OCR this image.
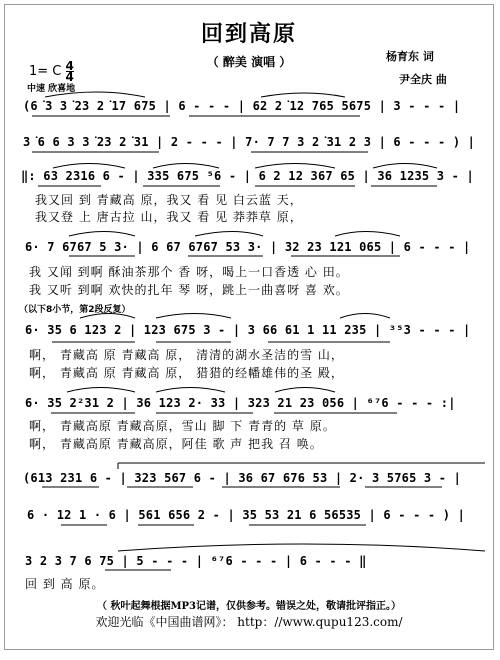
回到高原
（ 醉美 演唱 ）	杨育东 词
尹全庆 曲
1= C $\frac{4}{4}$
中速 欣喜地
(6͘3 3͘23 2͘17 675 | 6 - - - | 62 2͘12 765 5675 | 3 - - - |
3͘6 6 3 3͘23 2͘31 | 2 - - - | 7· 7 7 3 2͘31 2 3 | 6 - - - ) |
‖: 63 2316 6 - | 335 675 ⁵6 - | 6 2 12 367 65 | 36 1235 3 - |
我又回 到 青藏高 原，我又 看 见 白云蓝 天，
我又登 上 唐古拉 山，我又 看 见 莽莽草 原，
6· 7 6767 5 3· | 6 67 6767 53 3· | 32 23 121 065 | 6 - - - |
我 又闻 到啊 酥油茶那个 香 呀，喝上一口香透 心 田。
我 又听 到啊 欢快的扎年 琴 呀，跳上一曲喜呀 喜 欢。
（以下8小节，第2段反复）
6· 35 6 123 2 | 123 675 3 - | 3 66 61 1 11 235 | ³⁵3 - - - |
啊， 青藏高 原 青藏高 原， 清清的湖水圣洁的雪 山，
啊， 青藏高 原 青藏高 原， 猎猎的经幡雄伟的圣 殿，
6· 35 2²31 2 | 36 123 2· 33 | 323 21 23 056 | ⁶⁷6 - - - :|
啊， 青藏高原 青藏高原，雪山 脚 下 青青的 草 原。
啊， 青藏高原 青藏高原，阿佳 歌 声 把我 召 唤。
(613 231 6 - | 323 567 6 - | 36 67 676 53 | 2· 3 5765 3 - |
6 · 12 1 · 6 | 561 656 2 - | 35 53 21 6 56535 | 6 - - - ) |
3 2 3 7 6 75 | 5 - - - | ⁶⁷6 - - - | 6 - - - ‖
回 到 高 原。
（ 秋叶起舞根据MP3记谱，仅供参考。错误之处，敬请批评指正。）
欢迎光临《中国曲谱网》： http：//www.qupu123.com/
